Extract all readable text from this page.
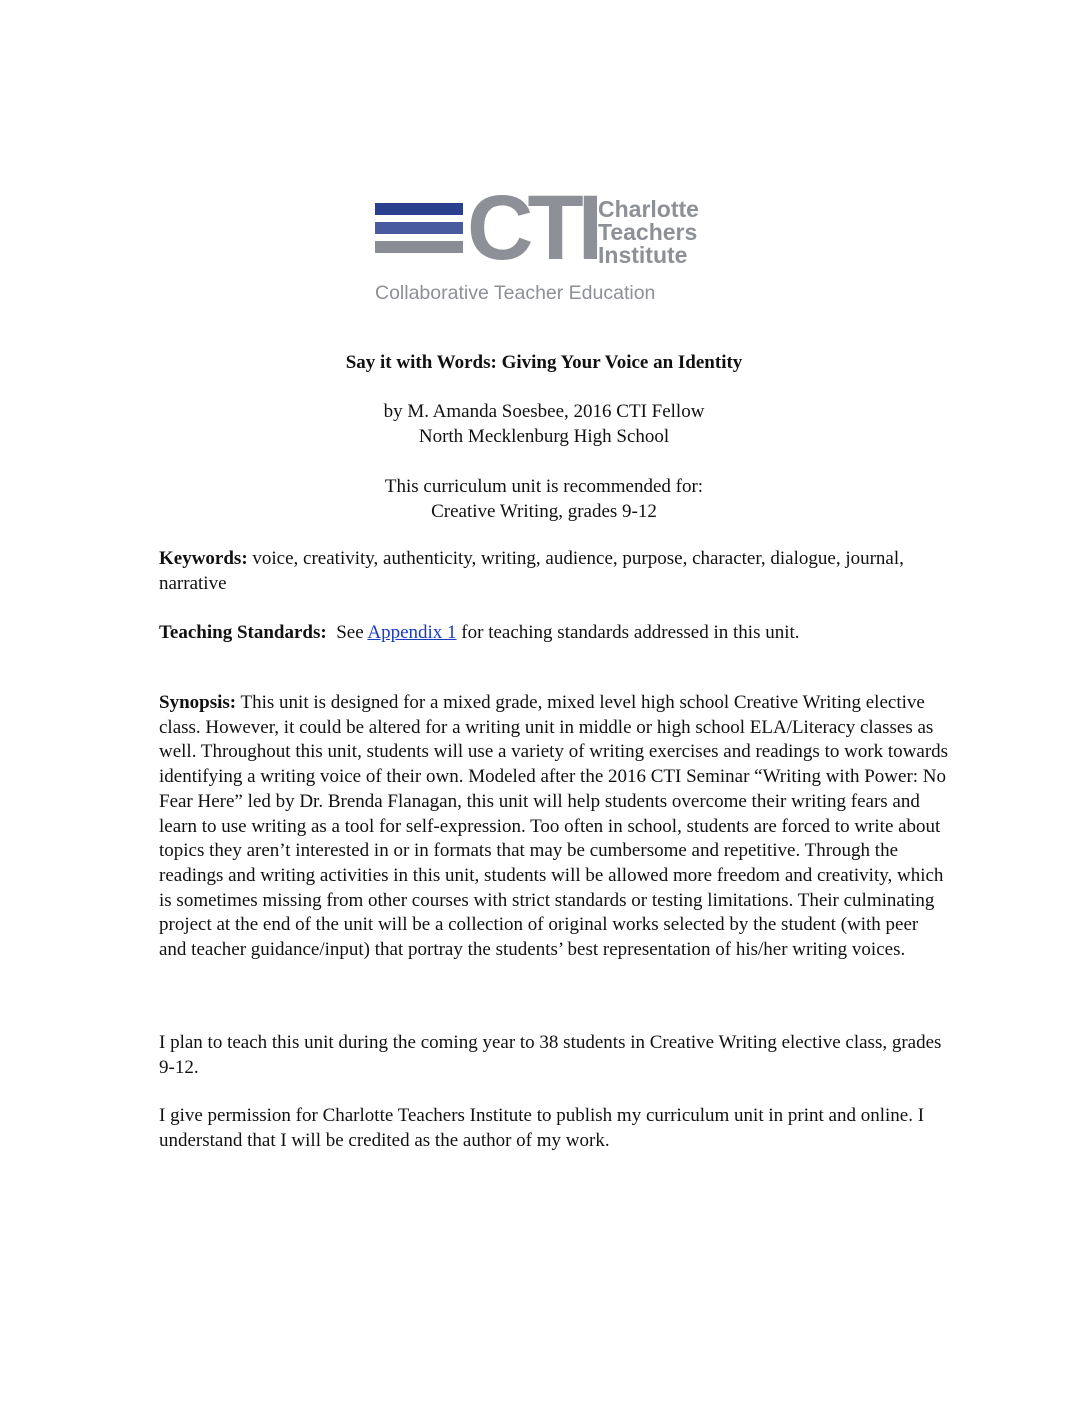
CTI Charlotte
Teachers
Institute
Collaborative Teacher Education
Say it with Words: Giving Your Voice an Identity
by M. Amanda Soesbee, 2016 CTI Fellow
North Mecklenburg High School
This curriculum unit is recommended for:
Creative Writing, grades 9-12
Keywords: voice, creativity, authenticity, writing, audience, purpose, character, dialogue, journal, narrative
Teaching Standards:  See Appendix 1 for teaching standards addressed in this unit.
Synopsis: This unit is designed for a mixed grade, mixed level high school Creative Writing elective class. However, it could be altered for a writing unit in middle or high school ELA/Literacy classes as well. Throughout this unit, students will use a variety of writing exercises and readings to work towards identifying a writing voice of their own. Modeled after the 2016 CTI Seminar “Writing with Power: No Fear Here” led by Dr. Brenda Flanagan, this unit will help students overcome their writing fears and learn to use writing as a tool for self-expression. Too often in school, students are forced to write about topics they aren’t interested in or in formats that may be cumbersome and repetitive. Through the readings and writing activities in this unit, students will be allowed more freedom and creativity, which is sometimes missing from other courses with strict standards or testing limitations. Their culminating project at the end of the unit will be a collection of original works selected by the student (with peer and teacher guidance/input) that portray the students’ best representation of his/her writing voices.
I plan to teach this unit during the coming year to 38 students in Creative Writing elective class, grades 9-12.
I give permission for Charlotte Teachers Institute to publish my curriculum unit in print and online. I understand that I will be credited as the author of my work.
